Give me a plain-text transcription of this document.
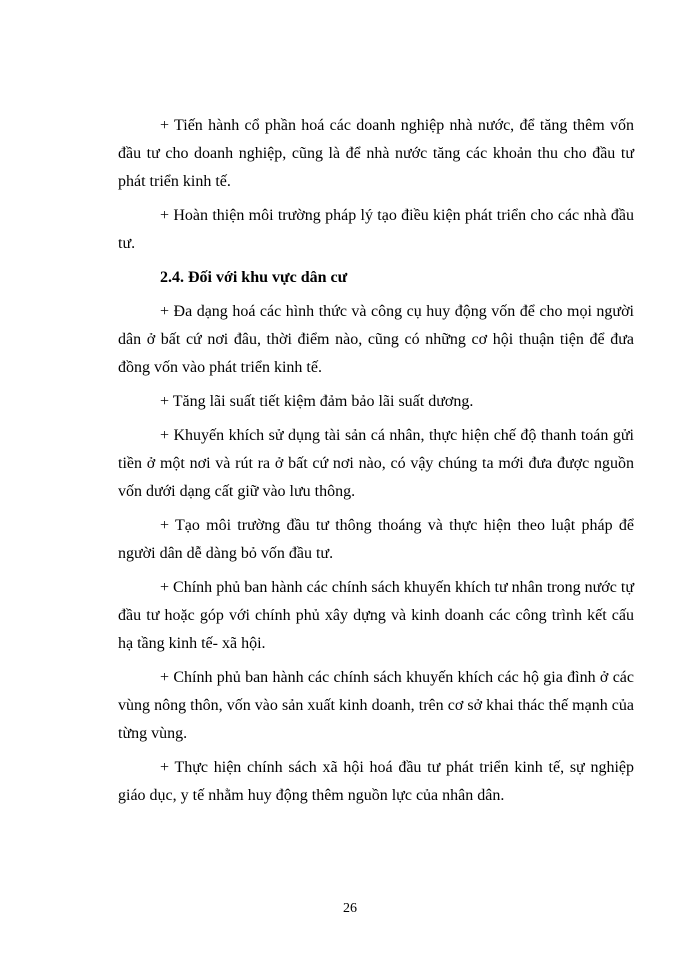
+ Tiến hành cổ phần hoá các doanh nghiệp nhà nước, để tăng thêm vốn đầu tư cho doanh nghiệp, cũng là để nhà nước tăng các khoản thu cho đầu tư phát triển kinh tế.

+ Hoàn thiện môi trường pháp lý tạo điều kiện phát triển cho các nhà đầu tư.

2.4. Đối với khu vực dân cư

+ Đa dạng hoá các hình thức và công cụ huy động vốn để cho mọi người dân ở bất cứ nơi đâu, thời điểm nào, cũng có những cơ hội thuận tiện để đưa đồng vốn vào phát triển kinh tế.

+ Tăng lãi suất tiết kiệm đảm bảo lãi suất dương.

+ Khuyến khích sử dụng tài sản cá nhân, thực hiện chế độ thanh toán gửi tiền ở một nơi và rút ra ở bất cứ nơi nào, có vậy chúng ta mới đưa được nguồn vốn dưới dạng cất giữ vào lưu thông.

+ Tạo môi trường đầu tư thông thoáng và thực hiện theo luật pháp để người dân dễ dàng bỏ vốn đầu tư.

+ Chính phủ ban hành các chính sách khuyến khích tư nhân trong nước tự đầu tư hoặc góp với chính phủ xây dựng và kinh doanh các công trình kết cấu hạ tầng kinh tế- xã hội.

+ Chính phủ ban hành các chính sách khuyến khích các hộ gia đình ở các vùng nông thôn, vốn vào sản xuất kinh doanh, trên cơ sở khai thác thế mạnh của từng vùng.

+ Thực hiện chính sách xã hội hoá đầu tư phát triển kinh tế, sự nghiệp giáo dục, y tế nhằm huy động thêm nguồn lực của nhân dân.

26
